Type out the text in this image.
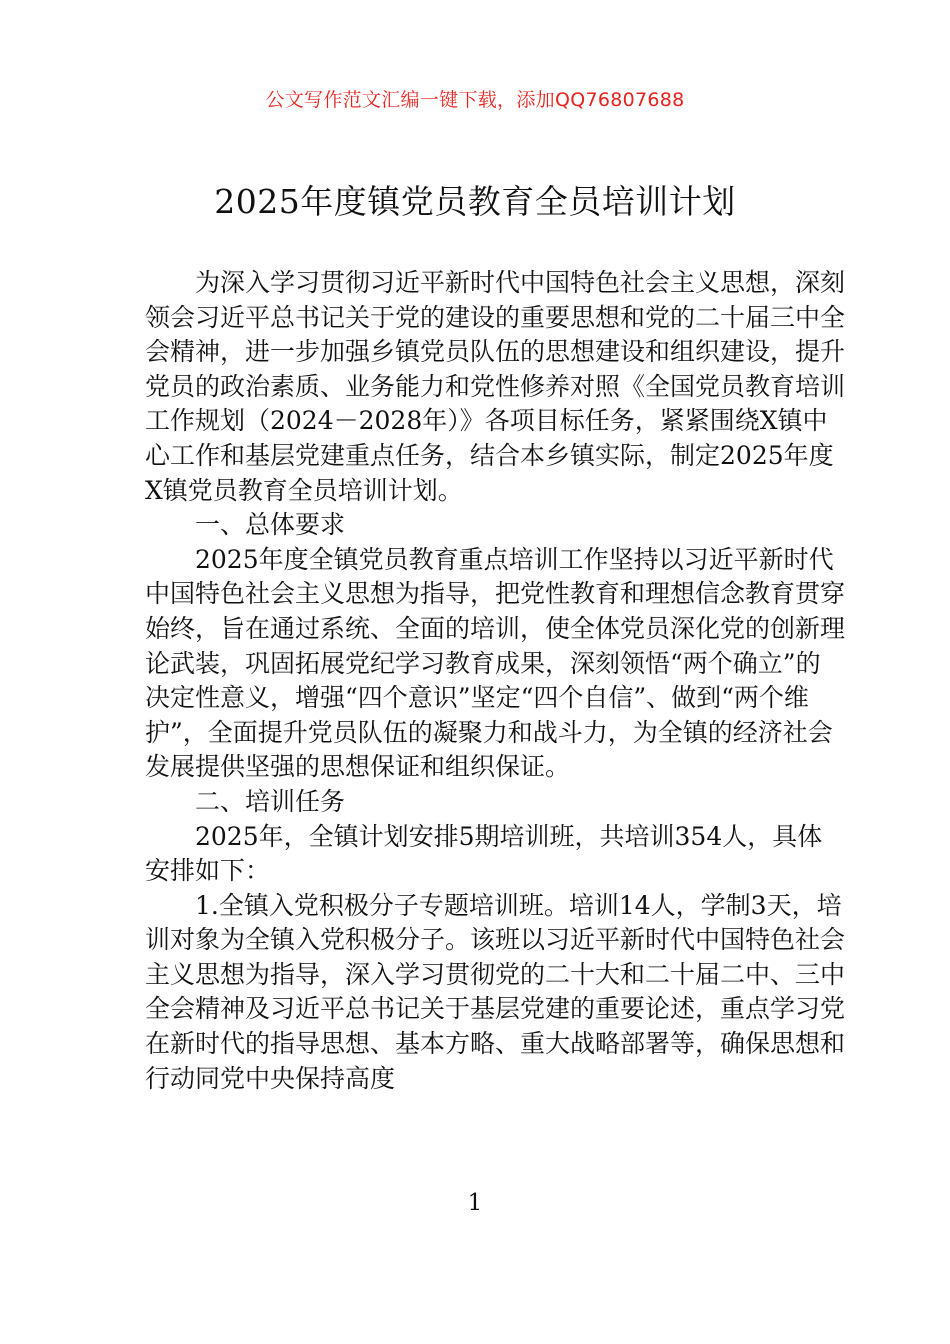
公文写作范文汇编一键下载，添加QQ76807688
2025年度镇党员教育全员培训计划

为深入学习贯彻习近平新时代中国特色社会主义思想，深刻领会习近平总书记关于党的建设的重要思想和党的二十届三中全会精神，进一步加强乡镇党员队伍的思想建设和组织建设，提升党员的政治素质、业务能力和党性修养对照《全国党员教育培训工作规划（2024－2028年）》各项目标任务，紧紧围绕X镇中心工作和基层党建重点任务，结合本乡镇实际，制定2025年度X镇党员教育全员培训计划。

一、总体要求

2025年度全镇党员教育重点培训工作坚持以习近平新时代中国特色社会主义思想为指导，把党性教育和理想信念教育贯穿始终，旨在通过系统、全面的培训，使全体党员深化党的创新理论武装，巩固拓展党纪学习教育成果，深刻领悟“两个确立”的决定性意义，增强“四个意识”坚定“四个自信”、做到“两个维护”，全面提升党员队伍的凝聚力和战斗力，为全镇的经济社会发展提供坚强的思想保证和组织保证。

二、培训任务

2025年，全镇计划安排5期培训班，共培训354人，具体安排如下：

1.全镇入党积极分子专题培训班。培训14人，学制3天，培训对象为全镇入党积极分子。该班以习近平新时代中国特色社会主义思想为指导，深入学习贯彻党的二十大和二十届二中、三中全会精神及习近平总书记关于基层党建的重要论述，重点学习党在新时代的指导思想、基本方略、重大战略部署等，确保思想和行动同党中央保持高度

1
